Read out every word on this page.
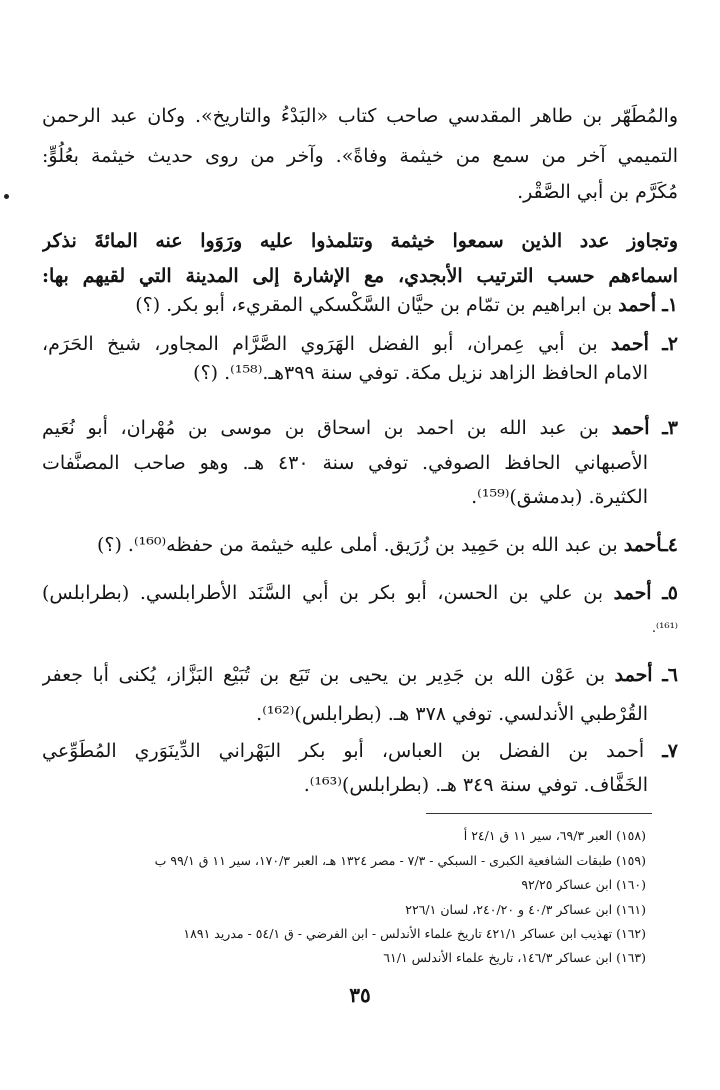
والمُطَهّر بن طاهر المقدسي صاحب كتاب «البَدْءُ والتاريخ». وكان عبد الرحمن
التميمي آخر من سمع من خيثمة وفاةً». وآخر من روى حديث خيثمة بعُلُوٍّ:
مُكَرَّم بن أبي الصَّقْر.
وتجاوز عدد الذين سمعوا خيثمة وتتلمذوا عليه ورَوَوا عنه المائةَ نذكر
اسماءهم حسب الترتيب الأبجدي، مع الإشارة إلى المدينة التي لقيهم بها:
١ـ أحمد بن ابراهيم بن تمّام بن حيَّان السَّكْسكي المقريء، أبو بكر. (؟)
٢ـ أحمد بن أبي عِمران، أبو الفضل الهَرَوي الصَّرَّام المجاور، شيخ الحَرَم،
الامام الحافظ الزاهد نزيل مكة. توفي سنة ٣٩٩هـ.⁽¹⁵⁸⁾. (؟)
٣ـ أحمد بن عبد الله بن احمد بن اسحاق بن موسى بن مُهْران، أبو نُعَيم
الأصبهاني الحافظ الصوفي. توفي سنة ٤٣٠ هـ. وهو صاحب المصنَّفات
الكثيرة. (بدمشق)⁽¹⁵⁹⁾.
٤ـأحمد بن عبد الله بن حَمِيد بن زُرَيق. أملى عليه خيثمة من حفظه⁽¹⁶⁰⁾. (؟)
٥ـ أحمد بن علي بن الحسن، أبو بكر بن أبي السَّنَد الأطرابلسي. (بطرابلس)
⁽¹⁶¹⁾.
٦ـ أحمد بن عَوْن الله بن جَدِير بن يحيى بن تَبَع بن تُبَيْع البَزَّاز، يُكنى أبا جعفر
القُرْطبي الأندلسي. توفي ٣٧٨ هـ. (بطرابلس)⁽¹⁶²⁾.
٧ـ أحمد بن الفضل بن العباس، أبو بكر البَهْراني الدِّينَوَري المُطَوِّعي
الخَفَّاف. توفي سنة ٣٤٩ هـ. (بطرابلس)⁽¹⁶³⁾.
(١٥٨) العبر ٦٩/٣، سير ١١ ق ٢٤/١ أ
(١٥٩) طبقات الشافعية الكبرى - السبكي - ٧/٣ - مصر ١٣٢٤ هـ، العبر ١٧٠/٣، سير ١١ ق ٩٩/١ ب
(١٦٠) ابن عساكر ٩٢/٢٥
(١٦١) ابن عساكر ٤٠/٣ و ٢٤٠/٢٠، لسان ٢٢٦/١
(١٦٢) تهذيب ابن عساكر ٤٢١/١ تاريخ علماء الأندلس - ابن الفرضي - ق ٥٤/١ - مدريد ١٨٩١
(١٦٣) ابن عساكر ١٤٦/٣، تاريخ علماء الأندلس ٦١/١
٣٥
